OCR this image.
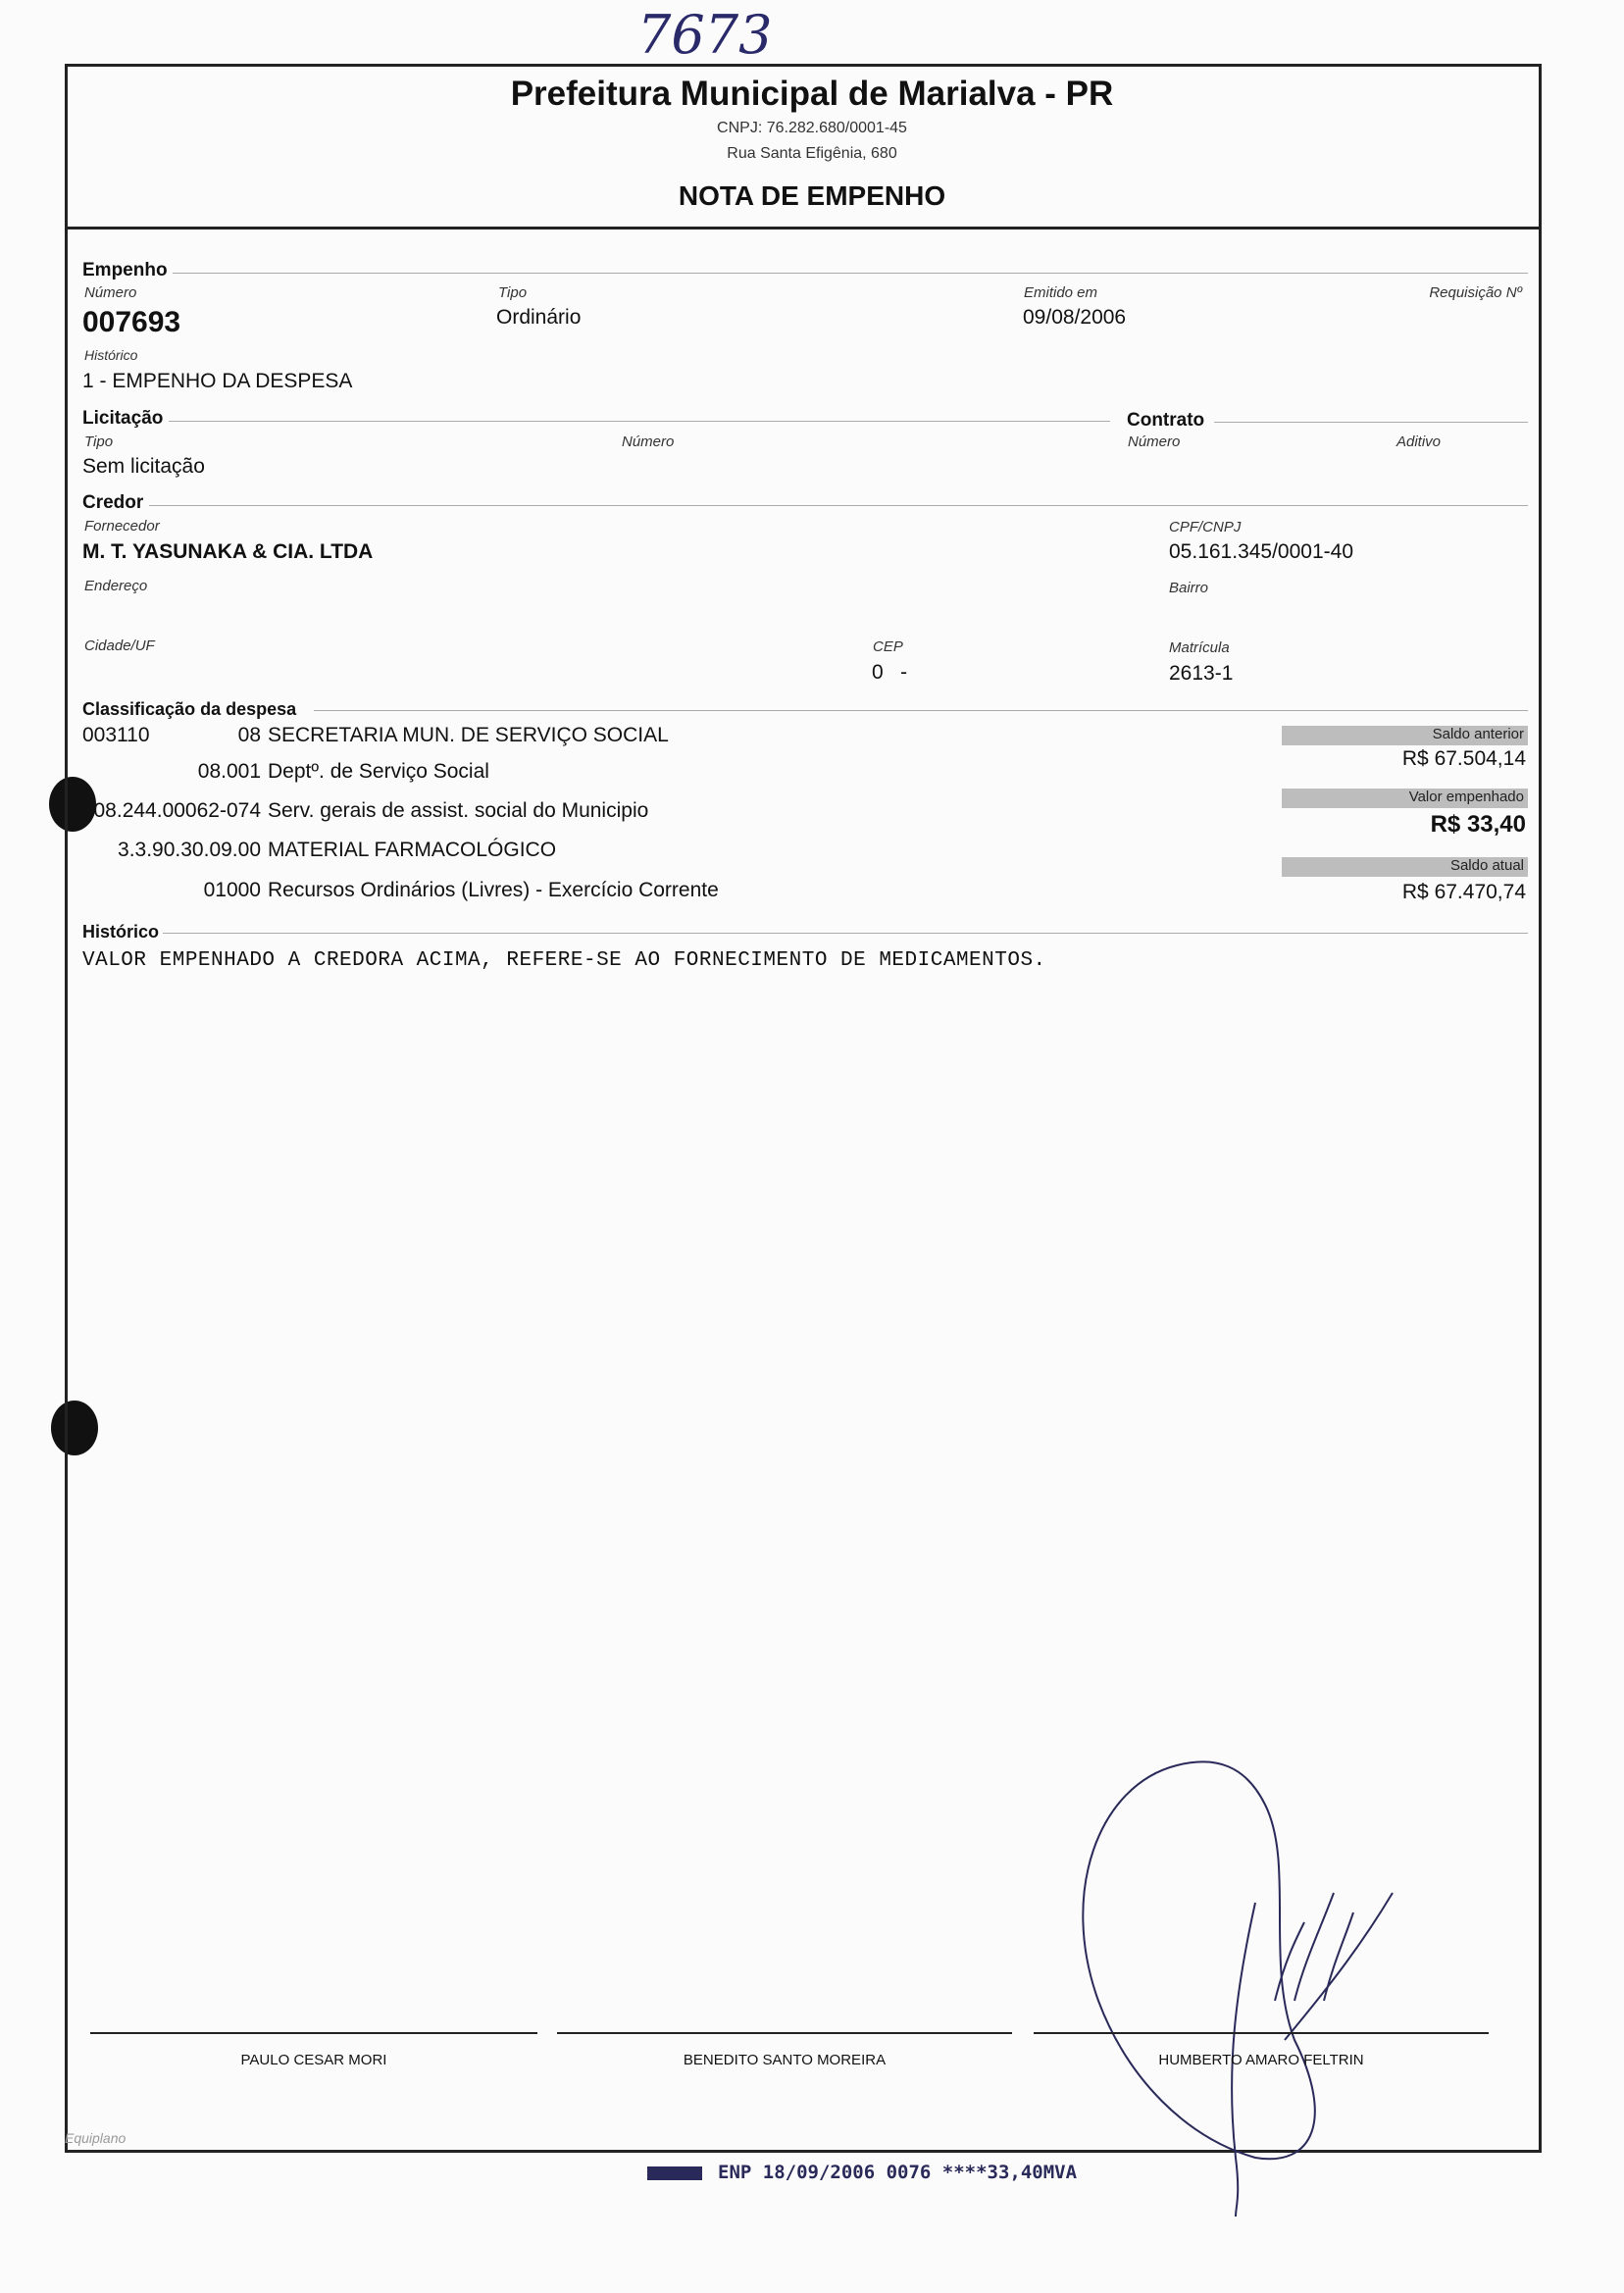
7673
Prefeitura Municipal de Marialva - PR
CNPJ: 76.282.680/0001-45
Rua Santa Efigênia, 680
NOTA DE EMPENHO
Empenho
Número
007693
Tipo
Ordinário
Emitido em
09/08/2006
Requisição Nº
Histórico
1 - EMPENHO DA DESPESA
Licitação	Contrato
Tipo
Sem licitação
Número	Número	Aditivo
Credor
Fornecedor
M. T. YASUNAKA & CIA. LTDA
CPF/CNPJ
05.161.345/0001-40
Endereço	Bairro
Cidade/UF	CEP
0   -
Matrícula
2613-1
Classificação da despesa
003110	08 SECRETARIA MUN. DE SERVIÇO SOCIAL
08.001 Deptº. de Serviço Social
08.244.00062-074 Serv. gerais de assist. social do Municipio
3.3.90.30.09.00 MATERIAL FARMACOLÓGICO
01000 Recursos Ordinários (Livres) - Exercício Corrente
Saldo anterior
R$ 67.504,14
Valor empenhado
R$ 33,40
Saldo atual
R$ 67.470,74
Histórico
VALOR EMPENHADO A CREDORA ACIMA, REFERE-SE AO FORNECIMENTO DE MEDICAMENTOS.
PAULO CESAR MORI	BENEDITO SANTO MOREIRA	HUMBERTO AMARO FELTRIN
Equiplano
ENP 18/09/2006 0076 ****33,40MVA
